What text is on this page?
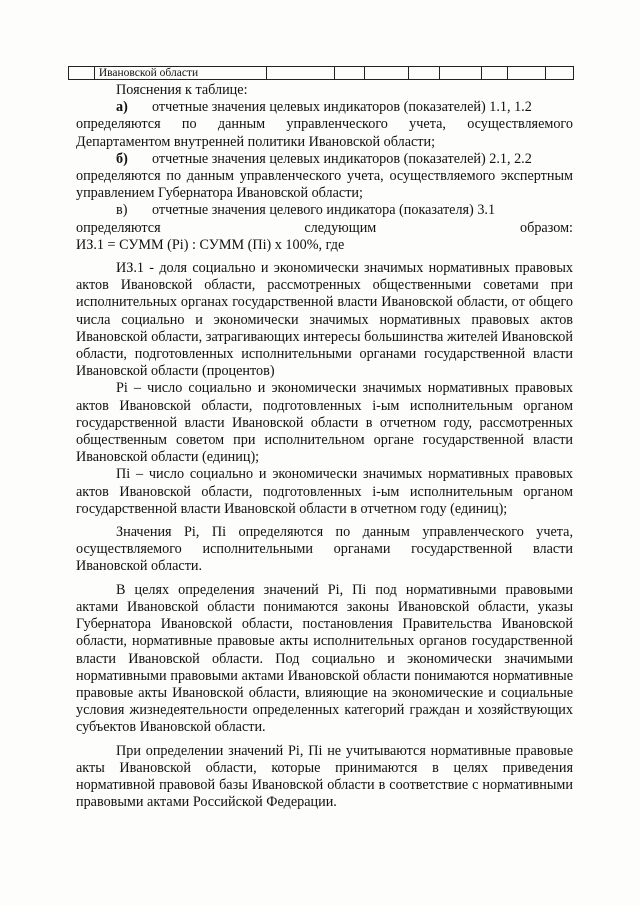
	Ивановской области								

Пояснения к таблице:

а)	отчетные значения целевых индикаторов (показателей) 1.1, 1.2

определяются по данным управленческого учета, осуществляемого Департаментом внутренней политики Ивановской области;

б)	отчетные значения целевых индикаторов (показателей) 2.1, 2.2

определяются по данным управленческого учета, осуществляемого экспертным управлением Губернатора Ивановской области;

в)	отчетные значения целевого индикатора (показателя) 3.1

определяются следующим образом:

ИЗ.1 = СУММ (Pi) : СУММ (Пi) x 100%, где

ИЗ.1 - доля социально и экономически значимых нормативных правовых актов Ивановской области, рассмотренных общественными советами при исполнительных органах государственной власти Ивановской области, от общего числа социально и экономически значимых нормативных правовых актов Ивановской области, затрагивающих интересы большинства жителей Ивановской области, подготовленных исполнительными органами государственной власти Ивановской области (процентов)

Pi – число социально и экономически значимых нормативных правовых актов Ивановской области, подготовленных i-ым исполнительным органом государственной власти Ивановской области в отчетном году, рассмотренных общественным советом при исполнительном органе государственной власти Ивановской области (единиц);

Пi – число социально и экономически значимых нормативных правовых актов Ивановской области, подготовленных i-ым исполнительным органом государственной власти Ивановской области в отчетном году (единиц);

Значения Pi, Пi определяются по данным управленческого учета, осуществляемого исполнительными органами государственной власти Ивановской области.

В целях определения значений Pi, Пi под нормативными правовыми актами Ивановской области понимаются законы Ивановской области, указы Губернатора Ивановской области, постановления Правительства Ивановской области, нормативные правовые акты исполнительных органов государственной власти Ивановской области. Под социально и экономически значимыми нормативными правовыми актами Ивановской области понимаются нормативные правовые акты Ивановской области, влияющие на экономические и социальные условия жизнедеятельности определенных категорий граждан и хозяйствующих субъектов Ивановской области.

При определении значений Pi, Пi не учитываются нормативные правовые акты Ивановской области, которые принимаются в целях приведения нормативной правовой базы Ивановской области в соответствие с нормативными правовыми актами Российской Федерации.
